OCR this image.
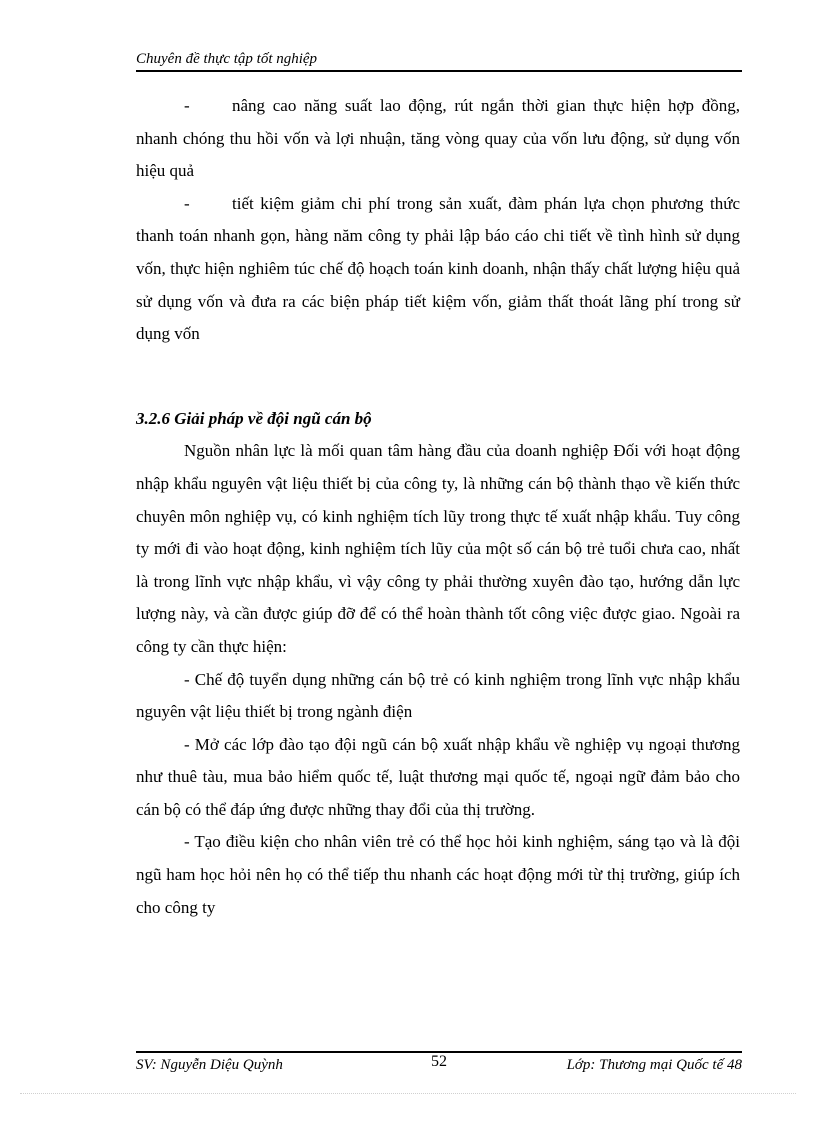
Chuyên đề thực tập tốt nghiệp

- nâng cao năng suất lao động, rút ngắn thời gian thực hiện hợp đồng, nhanh chóng thu hồi vốn và lợi nhuận, tăng vòng quay của vốn lưu động, sử dụng vốn hiệu quả

- tiết kiệm giảm chi phí trong sản xuất, đàm phán lựa chọn phương thức thanh toán nhanh gọn, hàng năm công ty phải lập báo cáo chi tiết về tình hình sử dụng vốn, thực hiện nghiêm túc chế độ hoạch toán kinh doanh, nhận thấy chất lượng hiệu quả sử dụng vốn và đưa ra các biện pháp tiết kiệm vốn, giảm thất thoát lãng phí trong sử dụng vốn

3.2.6 Giải pháp về đội ngũ cán bộ

Nguồn nhân lực là mối quan tâm hàng đầu của doanh nghiệp Đối với hoạt động nhập khẩu nguyên vật liệu thiết bị của công ty, là những cán bộ thành thạo về kiến thức chuyên môn nghiệp vụ, có kinh nghiệm tích lũy trong thực tế xuất nhập khẩu. Tuy công ty mới đi vào hoạt động, kinh nghiệm tích lũy của một số cán bộ trẻ tuổi chưa cao, nhất là trong lĩnh vực nhập khẩu, vì vậy công ty phải thường xuyên đào tạo, hướng dẫn lực lượng này, và cần được giúp đỡ để có thể hoàn thành tốt công việc được giao. Ngoài ra công ty cần thực hiện:

- Chế độ tuyển dụng những cán bộ trẻ có kinh nghiệm trong lĩnh vực nhập khẩu nguyên vật liệu thiết bị trong ngành điện

- Mở các lớp đào tạo đội ngũ cán bộ xuất nhập khẩu về nghiệp vụ ngoại thương như thuê tàu, mua bảo hiểm quốc tế, luật thương mại quốc tế, ngoại ngữ đảm bảo cho cán bộ có thể đáp ứng được những thay đổi của thị trường.

- Tạo điều kiện cho nhân viên trẻ có thể học hỏi kinh nghiệm, sáng tạo và là đội ngũ ham học hỏi nên họ có thể tiếp thu nhanh các hoạt động mới từ thị trường, giúp ích cho công ty

SV: Nguyễn Diệu Quỳnh	52	Lớp: Thương mại Quốc tế 48
